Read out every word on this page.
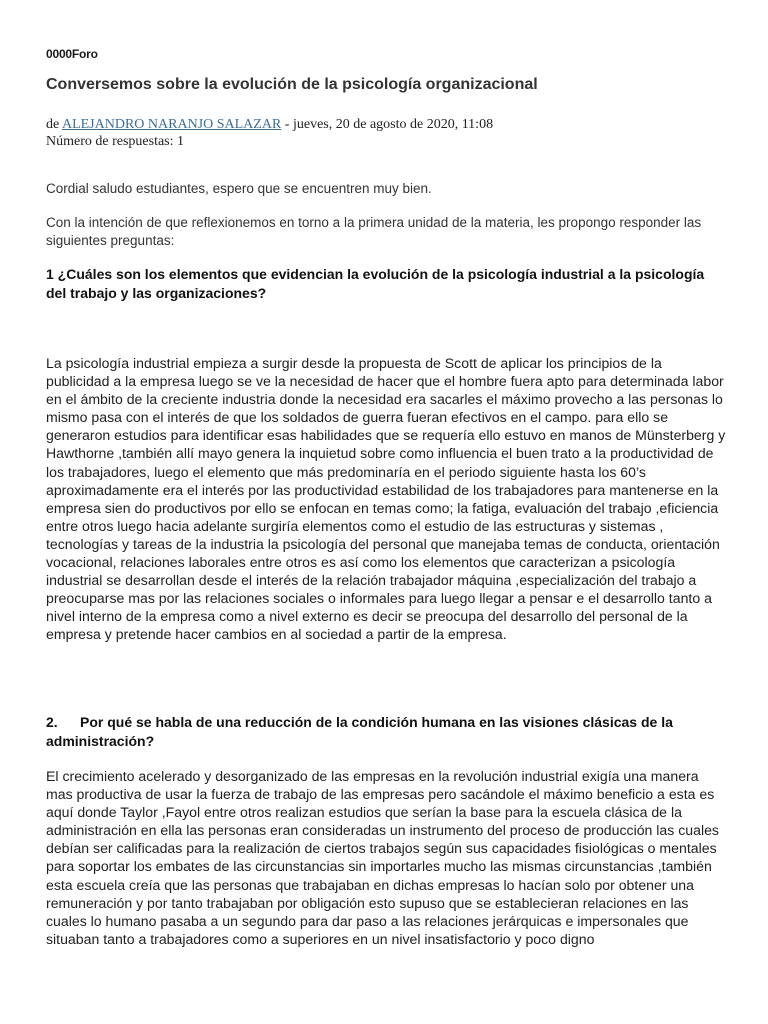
0000Foro
Conversemos sobre la evolución de la psicología organizacional
de ALEJANDRO NARANJO SALAZAR - jueves, 20 de agosto de 2020, 11:08
Número de respuestas: 1
Cordial saludo estudiantes, espero que se encuentren muy bien.
Con la intención de que reflexionemos en torno a la primera unidad de la materia, les propongo responder las siguientes preguntas:
1 ¿Cuáles son los elementos que evidencian la evolución de la psicología industrial a la psicología del trabajo y las organizaciones?
La psicología industrial empieza a surgir desde la propuesta de Scott de aplicar los principios de la publicidad a la empresa luego se ve la necesidad de hacer que el hombre fuera apto para determinada labor en el ámbito de la creciente industria donde la necesidad era sacarles el máximo provecho a las personas lo mismo pasa con el interés de que los soldados de guerra fueran efectivos en el campo. para ello se generaron estudios para identificar esas habilidades que se requería ello estuvo en manos de Münsterberg y Hawthorne ,también allí mayo genera la inquietud sobre como influencia el buen trato a la productividad de los trabajadores, luego el elemento que más predominaría en el periodo siguiente hasta los 60’s aproximadamente era el interés por las productividad estabilidad de los trabajadores para mantenerse en la empresa sien do productivos por ello se enfocan en temas como; la fatiga, evaluación del trabajo ,eficiencia entre otros luego hacia adelante surgiría elementos como el estudio de las estructuras y sistemas , tecnologías y tareas de la industria la psicología del personal que manejaba temas de conducta, orientación vocacional, relaciones laborales entre otros es así como los elementos que caracterizan a psicología industrial se desarrollan desde el interés de la relación trabajador máquina ,especialización del trabajo a preocuparse mas por las relaciones sociales o informales para luego llegar a pensar e el desarrollo tanto a nivel interno de la empresa como a nivel externo es decir se preocupa del desarrollo del personal de la empresa y pretende hacer cambios en al sociedad a partir de la empresa.
2. Por qué se habla de una reducción de la condición humana en las visiones clásicas de la administración?
El crecimiento acelerado y desorganizado de las empresas en la revolución industrial exigía una manera mas productiva de usar la fuerza de trabajo de las empresas pero sacándole el máximo beneficio a esta es aquí donde Taylor ,Fayol entre otros realizan estudios que serían la base para la escuela clásica de la administración en ella las personas eran consideradas un instrumento del proceso de producción las cuales debían ser calificadas para la realización de ciertos trabajos según sus capacidades fisiológicas o mentales para soportar los embates de las circunstancias sin importarles mucho las mismas circunstancias ,también esta escuela creía que las personas que trabajaban en dichas empresas lo hacían solo por obtener una remuneración y por tanto trabajaban por obligación esto supuso que se establecieran relaciones en las cuales lo humano pasaba a un segundo para dar paso a las relaciones jerárquicas e impersonales que situaban tanto a trabajadores como a superiores en un nivel insatisfactorio y poco digno
